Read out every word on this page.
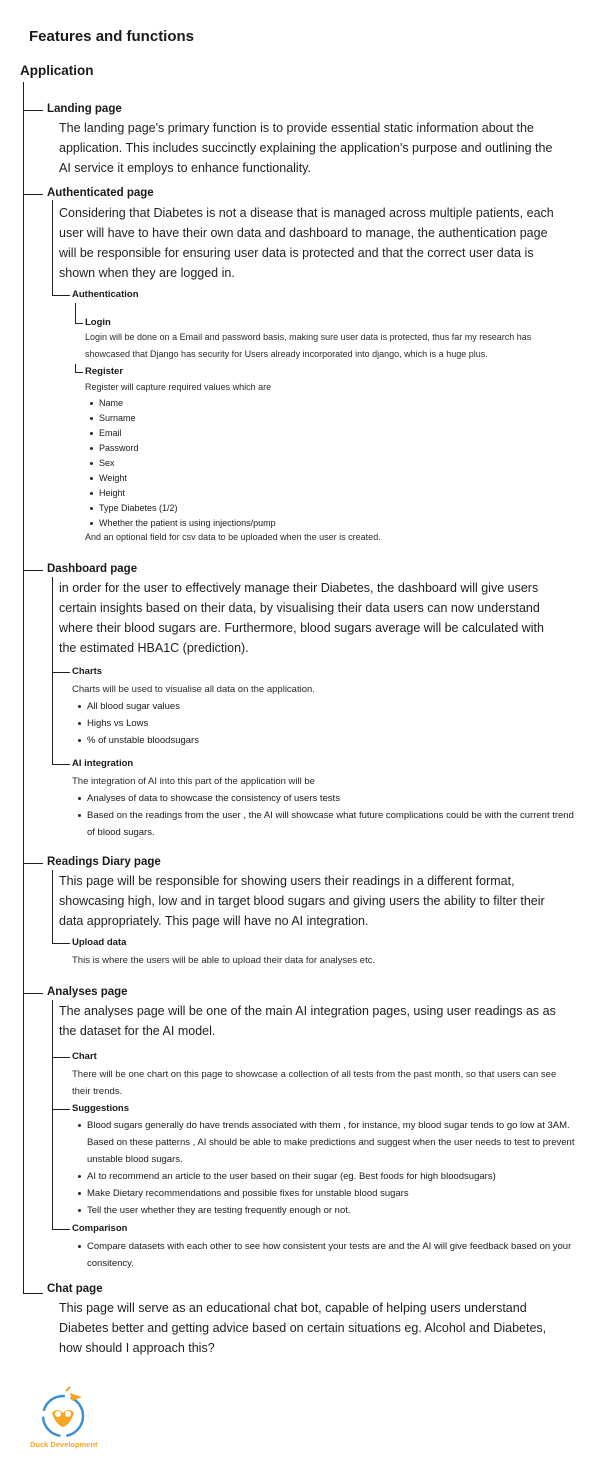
Features and functions
Application
Landing page
The landing page's primary function is to provide essential static information about the application. This includes succinctly explaining the application's purpose and outlining the AI service it employs to enhance functionality.
Authenticated page
Considering that Diabetes is not a disease that is managed across multiple patients, each user will have to have their own data and dashboard to manage, the authentication page will be responsible for ensuring user data is protected and that the correct user data is shown when they are logged in.
Authentication
Login
Login will be done on a Email and password basis, making sure user data is protected, thus far my research has showcased that Django has security for Users already incorporated into django, which is a huge plus.
Register
Register will capture required values which are
Name
Surname
Email
Password
Sex
Weight
Height
Type Diabetes (1/2)
Whether the patient is using injections/pump
And an optional field for csv data to be uploaded when the user is created.
Dashboard page
in order for the user to effectively manage their Diabetes, the dashboard will give users certain insights based on their data, by visualising their data users can now understand where their blood sugars are. Furthermore, blood sugars average will be calculated with the estimated HBA1C (prediction).
Charts
Charts will be used to visualise all data on the application.
All blood sugar values
Highs vs Lows
% of unstable bloodsugars
AI integration
The integration of AI into this part of the application will be
Analyses of data to showcase the consistency of users tests
Based on the readings from the user , the AI will showcase what future complications could be with the current trend of blood sugars.
Readings Diary page
This page will be responsible for showing users their readings in a different format, showcasing high, low and in target blood sugars and giving users the ability to filter their data appropriately. This page will have no AI integration.
Upload data
This is where the users will be able to upload their data for analyses etc.
Analyses page
The analyses page will be one of the main AI integration pages, using user readings as as the dataset for the AI model.
Chart
There will be one chart on this page to showcase a collection of all tests from the past month, so that users can see their trends.
Suggestions
Blood sugars generally do have trends associated with them , for instance, my blood sugar tends to go low at 3AM. Based on these patterns , AI should be able to make predictions and suggest when the user needs to test to prevent unstable blood sugars.
AI to recommend an article to the user based on their sugar (eg. Best foods for high bloodsugars)
Make Dietary recommendations and possible fixes for unstable blood sugars
Tell the user whether they are testing frequently enough or not.
Comparison
Compare datasets with each other to see how consistent your tests are and the AI will give feedback based on your consitency.
Chat page
This page will serve as an educational chat bot, capable of helping users understand Diabetes better and getting advice based on certain situations eg. Alcohol and Diabetes, how should I approach this?
Duck Development
